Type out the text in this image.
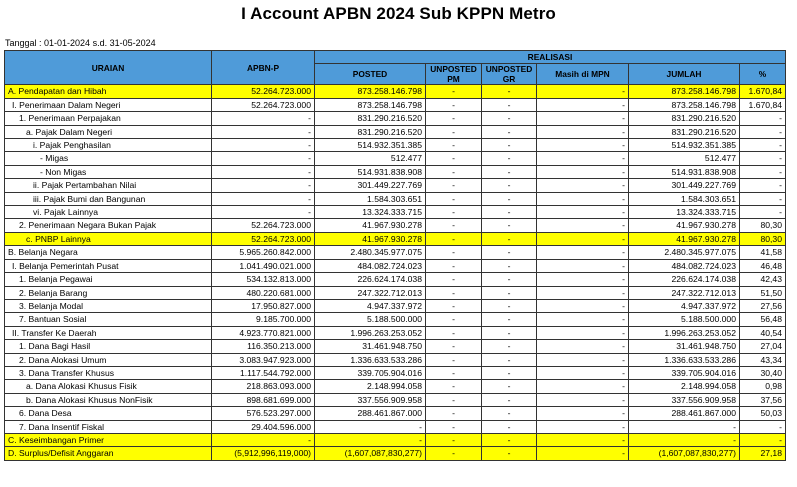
I Account APBN 2024 Sub KPPN Metro
Tanggal : 01-01-2024 s.d. 31-05-2024
URAIAN	APBN-P	REALISASI					
		POSTED	UNPOSTED PM	UNPOSTED GR	Masih di MPN	JUMLAH	%
A. Pendapatan dan Hibah	52.264.723.000	873.258.146.798	-	-	-	873.258.146.798	1.670,84
I. Penerimaan Dalam Negeri	52.264.723.000	873.258.146.798	-	-	-	873.258.146.798	1.670,84
1. Penerimaan Perpajakan	-	831.290.216.520	-	-	-	831.290.216.520	-
a. Pajak Dalam Negeri	-	831.290.216.520	-	-	-	831.290.216.520	-
i. Pajak Penghasilan	-	514.932.351.385	-	-	-	514.932.351.385	-
- Migas	-	512.477	-	-	-	512.477	-
- Non Migas	-	514.931.838.908	-	-	-	514.931.838.908	-
ii. Pajak Pertambahan Nilai	-	301.449.227.769	-	-	-	301.449.227.769	-
iii. Pajak Bumi dan Bangunan	-	1.584.303.651	-	-	-	1.584.303.651	-
vi. Pajak Lainnya	-	13.324.333.715	-	-	-	13.324.333.715	-
2. Penerimaan Negara Bukan Pajak	52.264.723.000	41.967.930.278	-	-	-	41.967.930.278	80,30
c. PNBP Lainnya	52.264.723.000	41.967.930.278	-	-	-	41.967.930.278	80,30
B. Belanja Negara	5.965.260.842.000	2.480.345.977.075	-	-	-	2.480.345.977.075	41,58
I. Belanja Pemerintah Pusat	1.041.490.021.000	484.082.724.023	-	-	-	484.082.724.023	46,48
1. Belanja Pegawai	534.132.813.000	226.624.174.038	-	-	-	226.624.174.038	42,43
2. Belanja Barang	480.220.681.000	247.322.712.013	-	-	-	247.322.712.013	51,50
3. Belanja Modal	17.950.827.000	4.947.337.972	-	-	-	4.947.337.972	27,56
7. Bantuan Sosial	9.185.700.000	5.188.500.000	-	-	-	5.188.500.000	56,48
II. Transfer Ke Daerah	4.923.770.821.000	1.996.263.253.052	-	-	-	1.996.263.253.052	40,54
1. Dana Bagi Hasil	116.350.213.000	31.461.948.750	-	-	-	31.461.948.750	27,04
2. Dana Alokasi Umum	3.083.947.923.000	1.336.633.533.286	-	-	-	1.336.633.533.286	43,34
3. Dana Transfer Khusus	1.117.544.792.000	339.705.904.016	-	-	-	339.705.904.016	30,40
a. Dana Alokasi Khusus Fisik	218.863.093.000	2.148.994.058	-	-	-	2.148.994.058	0,98
b. Dana Alokasi Khusus NonFisik	898.681.699.000	337.556.909.958	-	-	-	337.556.909.958	37,56
6. Dana Desa	576.523.297.000	288.461.867.000	-	-	-	288.461.867.000	50,03
7. Dana Insentif Fiskal	29.404.596.000	-	-	-	-	-	-
C. Keseimbangan Primer	-	-	-	-	-	-	-
D. Surplus/Defisit Anggaran	(5,912,996,119,000)	(1,607,087,830,277)	-	-	-	(1,607,087,830,277)	27,18
